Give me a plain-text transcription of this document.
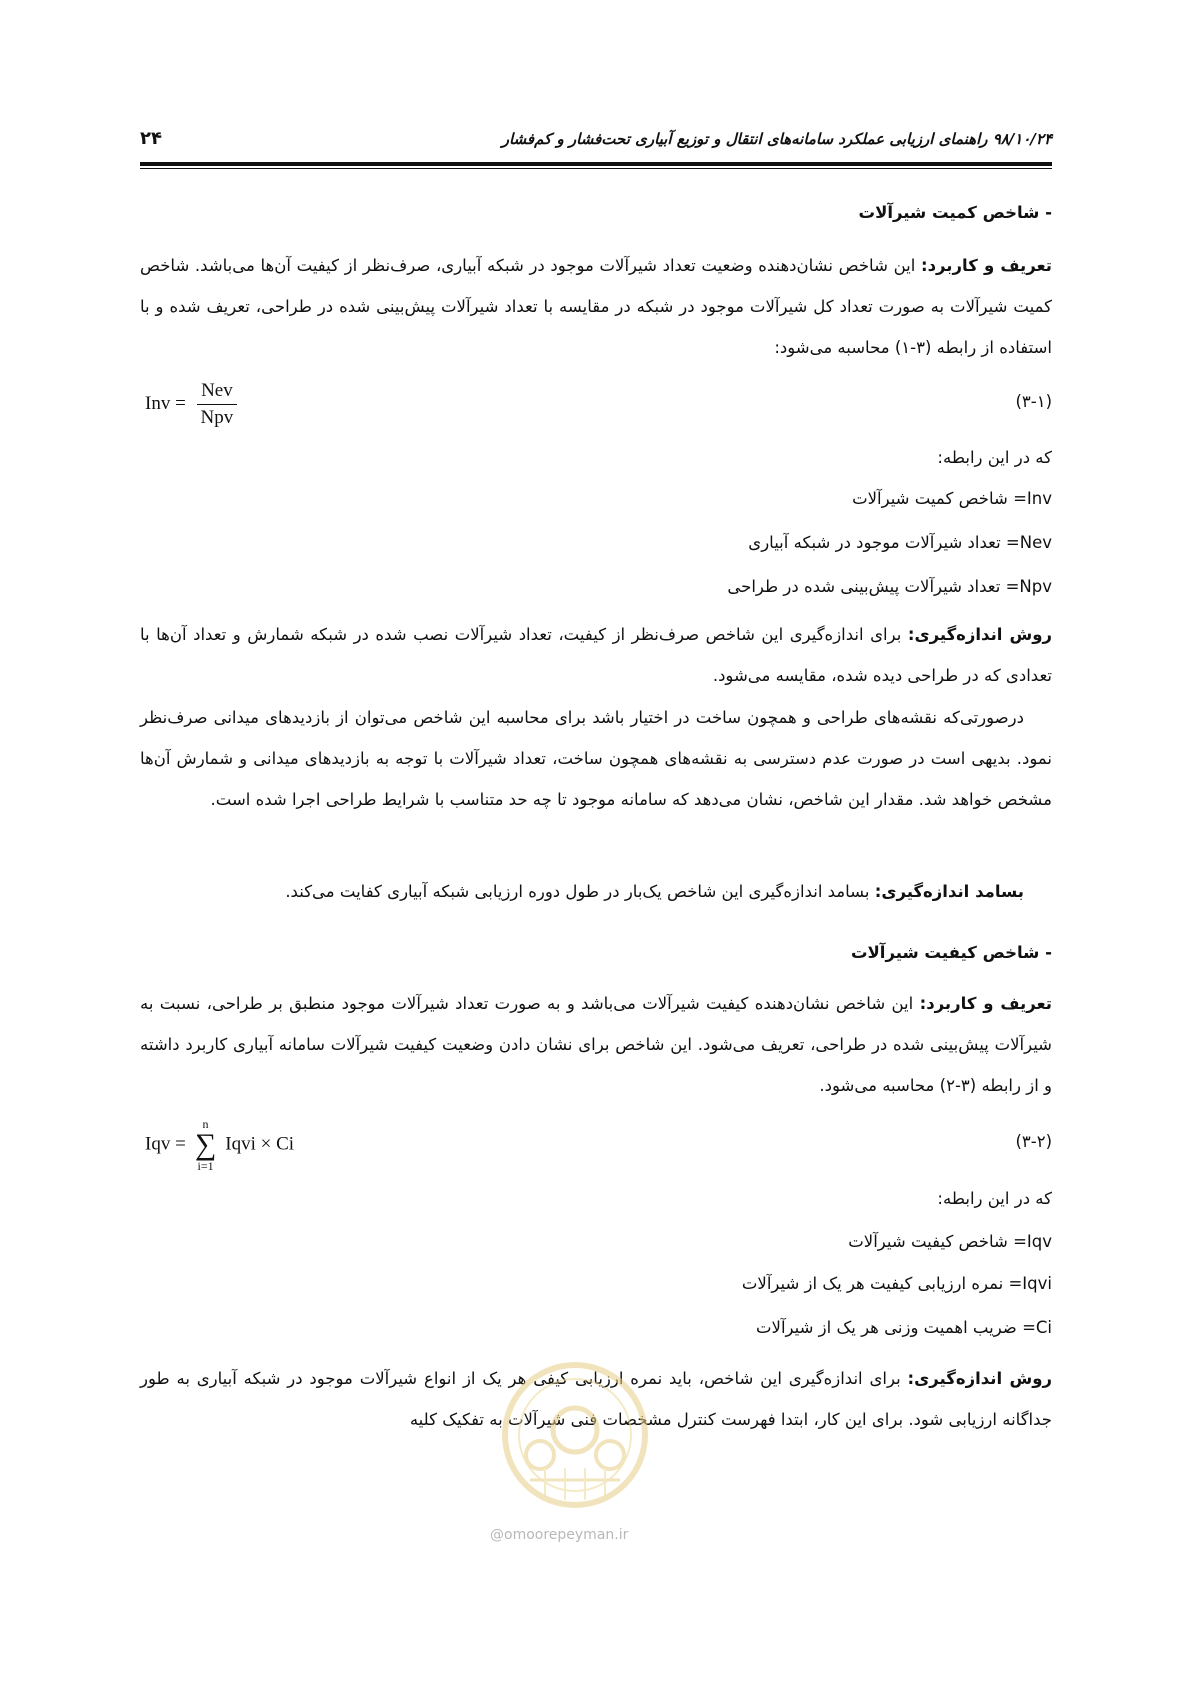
۲۴	۹۸/۱۰/۲۴ راهنمای ارزیابی عملکرد سامانه‌های انتقال و توزیع آبیاری تحت‌فشار و کم‌فشار
- شاخص کمیت شیرآلات
تعریف و کاربرد: این شاخص نشان‌دهنده وضعیت تعداد شیرآلات موجود در شبکه آبیاری، صرف‌نظر از کیفیت آن‌ها می‌باشد. شاخص کمیت شیرآلات به صورت تعداد کل شیرآلات موجود در شبکه در مقایسه با تعداد شیرآلات پیش‌بینی شده در طراحی، تعریف شده و با استفاده از رابطه (۳-۱) محاسبه می‌شود:
Inv = $\frac{\text{Nev}}{\text{Npv}}$	(۳-۱)
که در این رابطه:
Inv= شاخص کمیت شیرآلات
Nev= تعداد شیرآلات موجود در شبکه آبیاری
Npv= تعداد شیرآلات پیش‌بینی شده در طراحی
روش اندازه‌گیری: برای اندازه‌گیری این شاخص صرف‌نظر از کیفیت، تعداد شیرآلات نصب شده در شبکه شمارش و تعداد آن‌ها با تعدادی که در طراحی دیده شده، مقایسه می‌شود.
درصورتی‌که نقشه‌های طراحی و همچون ساخت در اختیار باشد برای محاسبه این شاخص می‌توان از بازدیدهای میدانی صرف‌نظر نمود. بدیهی است در صورت عدم دسترسی به نقشه‌های همچون ساخت، تعداد شیرآلات با توجه به بازدیدهای میدانی و شمارش آن‌ها مشخص خواهد شد. مقدار این شاخص، نشان می‌دهد که سامانه موجود تا چه حد متناسب با شرایط طراحی اجرا شده است.
بسامد اندازه‌گیری: بسامد اندازه‌گیری این شاخص یک‌بار در طول دوره ارزیابی شبکه آبیاری کفایت می‌کند.
- شاخص کیفیت شیرآلات
تعریف و کاربرد: این شاخص نشان‌دهنده کیفیت شیرآلات می‌باشد و به صورت تعداد شیرآلات موجود منطبق بر طراحی، نسبت به شیرآلات پیش‌بینی شده در طراحی، تعریف می‌شود. این شاخص برای نشان دادن وضعیت کیفیت شیرآلات سامانه آبیاری کاربرد داشته و از رابطه (۳-۲) محاسبه می‌شود.
Iqv =
n
∑
i=1
Iqvi × Ci	(۳-۲)
که در این رابطه:
Iqv= شاخص کیفیت شیرآلات
Iqvi= نمره ارزیابی کیفیت هر یک از شیرآلات
Ci= ضریب اهمیت وزنی هر یک از شیرآلات
روش اندازه‌گیری: برای اندازه‌گیری این شاخص، باید نمره ارزیابی کیفی هر یک از انواع شیرآلات موجود در شبکه آبیاری به طور جداگانه ارزیابی شود. برای این کار، ابتدا فهرست کنترل مشخصات فنی شیرآلات به تفکیک کلیه
@omoorepeyman.ir
